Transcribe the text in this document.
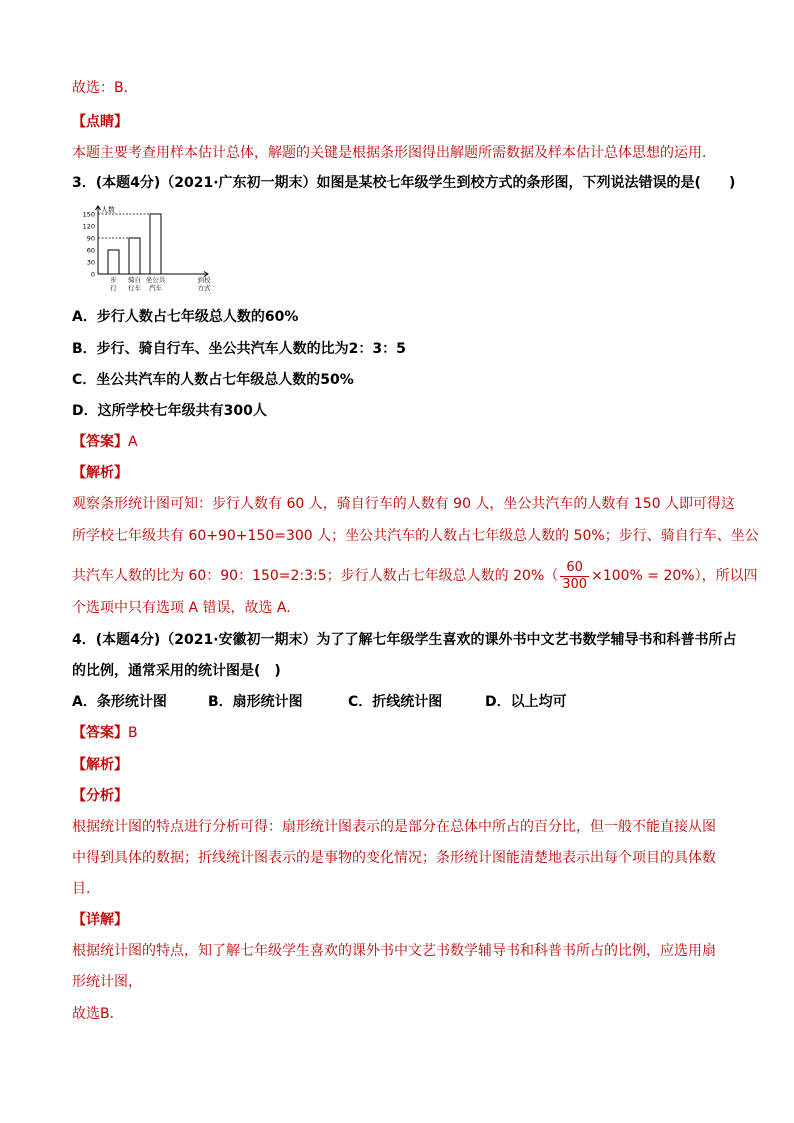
故选：B．
【点睛】
本题主要考查用样本估计总体，解题的关键是根据条形图得出解题所需数据及样本估计总体思想的运用．
3．(本题4分)（2021·广东初一期末）如图是某校七年级学生到校方式的条形图，下列说法错误的是(　　)
人数
0
30
60
90
120
150
步
行
骑自
行车
坐公共
汽车
到校
方式
A．步行人数占七年级总人数的60%
B．步行、骑自行车、坐公共汽车人数的比为2：3：5
C．坐公共汽车的人数占七年级总人数的50%
D．这所学校七年级共有300人
【答案】A
【解析】
观察条形统计图可知：步行人数有 60 人，骑自行车的人数有 90 人，坐公共汽车的人数有 150 人即可得这
所学校七年级共有 60+90+150=300 人；坐公共汽车的人数占七年级总人数的 50%；步行、骑自行车、坐公
共汽车人数的比为 60：90：150=2:3:5；步行人数占七年级总人数的 $20\%( \frac{60}{300} \times 100\% = 20\%)$，所以四
个选项中只有选项 A 错误，故选 A.
4．(本题4分)（2021·安徽初一期末）为了了解七年级学生喜欢的课外书中文艺书数学辅导书和科普书所占
的比例，通常采用的统计图是(　)
A．条形统计图	B．扇形统计图	C．折线统计图	D．以上均可
【答案】B
【解析】
【分析】
根据统计图的特点进行分析可得：扇形统计图表示的是部分在总体中所占的百分比，但一般不能直接从图
中得到具体的数据；折线统计图表示的是事物的变化情况；条形统计图能清楚地表示出每个项目的具体数
目．
【详解】
根据统计图的特点，知了解七年级学生喜欢的课外书中文艺书数学辅导书和科普书所占的比例，应选用扇
形统计图，
故选B．
